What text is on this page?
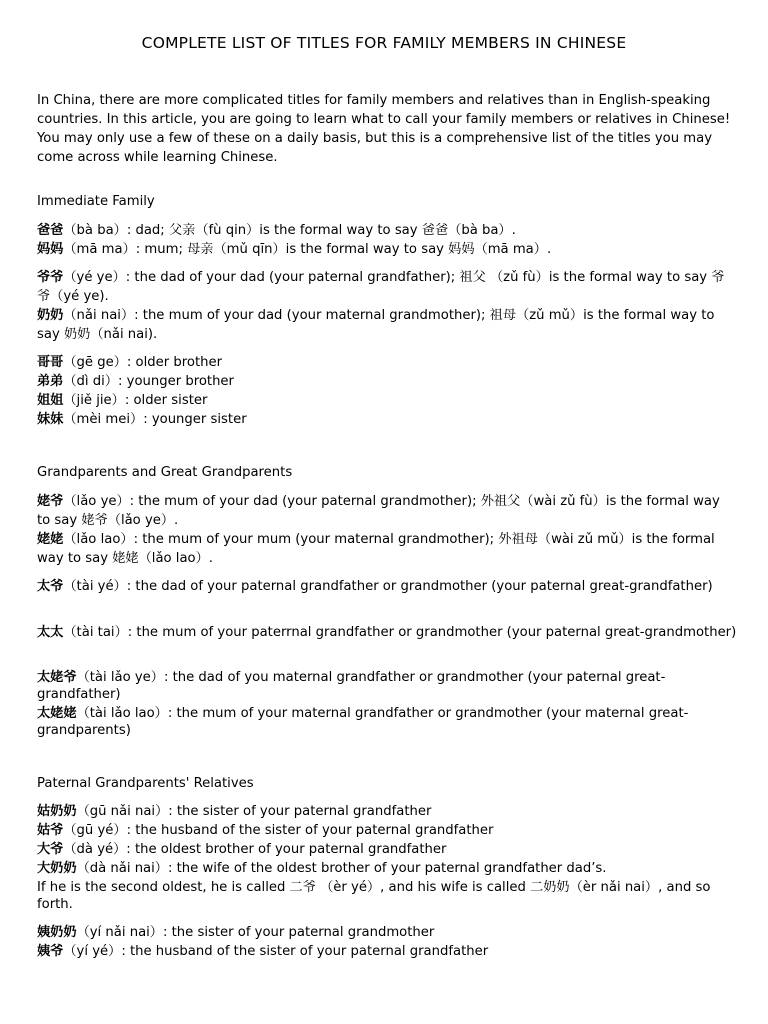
COMPLETE LIST OF TITLES FOR FAMILY MEMBERS IN CHINESE
In China, there are more complicated titles for family members and relatives than in English-speaking countries. In this article, you are going to learn what to call your family members or relatives in Chinese! You may only use a few of these on a daily basis, but this is a comprehensive list of the titles you may come across while learning Chinese.
Immediate Family
爸爸（bà ba）: dad; 父亲（fù qin）is the formal way to say 爸爸（bà ba）.
妈妈（mā ma）: mum; 母亲（mǔ qīn）is the formal way to say 妈妈（mā ma）.
爷爷（yé ye）: the dad of your dad (your paternal grandfather); 祖父 （zǔ fù）is the formal way to say 爷爷（yé ye).
奶奶（nǎi nai）: the mum of your dad (your maternal grandmother); 祖母（zǔ mǔ）is the formal way to say 奶奶（nǎi nai).
哥哥（gē ge）: older brother
弟弟（dì di）: younger brother
姐姐（jiě jie）: older sister
妹妹（mèi mei）: younger sister
Grandparents and Great Grandparents
姥爷（lǎo ye）: the mum of your dad (your paternal grandmother); 外祖父（wài zǔ fù）is the formal way to say 姥爷（lǎo ye）.
姥姥（lǎo lao）: the mum of your mum (your maternal grandmother); 外祖母（wài zǔ mǔ）is the formal way to say 姥姥（lǎo lao）.
太爷（tài yé）: the dad of your paternal grandfather or grandmother (your paternal great-grandfather)
太太（tài tai）: the mum of your paterrnal grandfather or grandmother (your paternal great-grandmother)
太姥爷（tài lǎo ye）: the dad of you maternal grandfather or grandmother (your paternal great-grandfather)
太姥姥（tài lǎo lao）: the mum of your maternal grandfather or grandmother (your maternal great-grandparents)
Paternal Grandparents' Relatives
姑奶奶（gū nǎi nai）: the sister of your paternal grandfather
姑爷（gū yé）: the husband of the sister of your paternal grandfather
大爷（dà yé）: the oldest brother of your paternal grandfather
大奶奶（dà nǎi nai）: the wife of the oldest brother of your paternal grandfather dad’s.
If he is the second oldest, he is called 二爷 （èr yé）, and his wife is called 二奶奶（èr nǎi nai）, and so forth.
姨奶奶（yí nǎi nai）: the sister of your paternal grandmother
姨爷（yí yé）: the husband of the sister of your paternal grandfather
